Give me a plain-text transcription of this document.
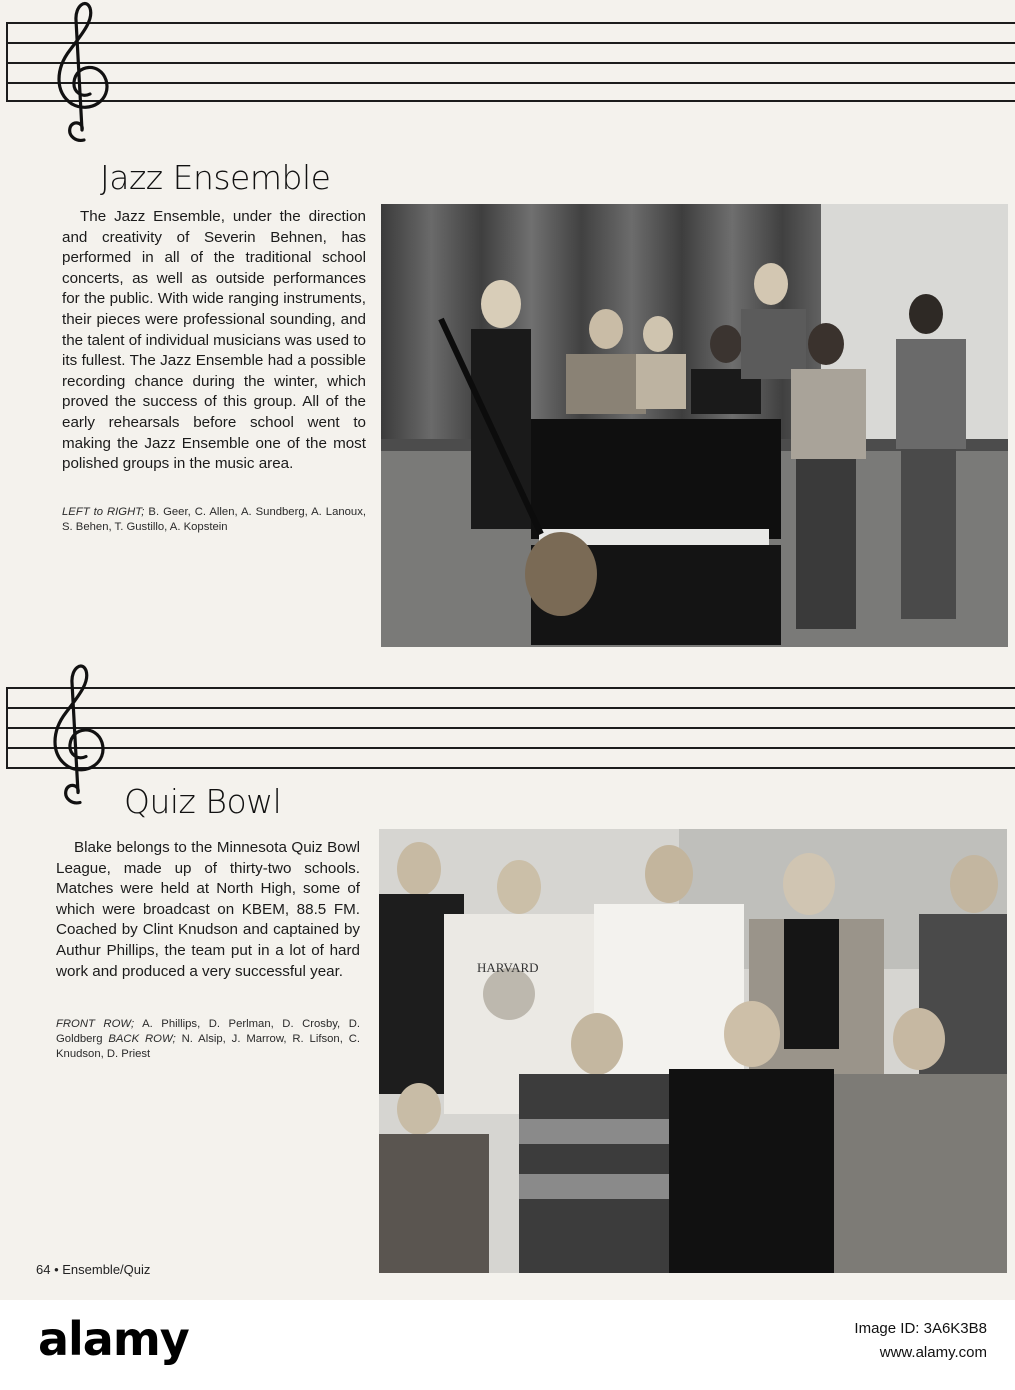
Jazz Ensemble

The Jazz Ensemble, under the direction and creativity of Severin Behnen, has performed in all of the traditional school concerts, as well as outside performances for the public. With wide ranging instruments, their pieces were professional sounding, and the talent of individual musicians was used to its fullest. The Jazz Ensemble had a possible recording chance during the winter, which proved the success of this group. All of the early rehearsals before school went to making the Jazz Ensemble one of the most polished groups in the music area.

LEFT to RIGHT; B. Geer, C. Allen, A. Sundberg, A. Lanoux, S. Behen, T. Gustillo, A. Kopstein

Quiz Bowl

Blake belongs to the Minnesota Quiz Bowl League, made up of thirty-two schools. Matches were held at North High, some of which were broadcast on KBEM, 88.5 FM. Coached by Clint Knudson and captained by Authur Phillips, the team put in a lot of hard work and produced a very successful year.

FRONT ROW; A. Phillips, D. Perlman, D. Crosby, D. Goldberg BACK ROW; N. Alsip, J. Marrow, R. Lifson, C. Knudson, D. Priest

HARVARD

64 • Ensemble/Quiz

alamy	Image ID: 3A6K3B8

www.alamy.com
